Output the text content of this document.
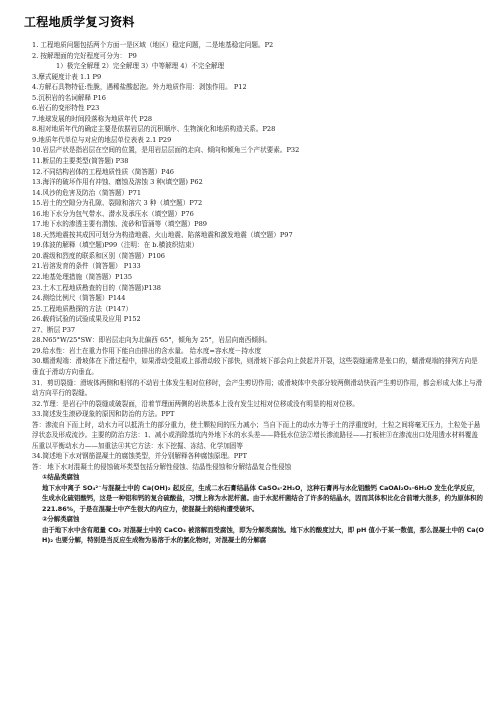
工程地质学复习资料
1. 工程地质问题包括两个方面一是区域（地区）稳定问题，二是地基稳定问题。P2
2. 按解理面的完好程度可分为： P9
1）极完全解理 2）完全解理 3）中等解理 4）不完全解理
3.摩式硬度计表 1.1 P9
4.方解石具物特征:性脆，遇稀盐酸起泡。外力地质作用：剥蚀作用。 P12
5.沉积岩的名词解释 P16
6.岩石的变形特性 P23
7.地球发展的时间段落称为地质年代 P28
8.相对地质年代的确定主要是依据岩层的沉积顺序、生物演化和地质构造关系。P28
9.地质年代单位与对应的地层单位表表 2.1 P29
10.岩层产状是指岩层在空间的位置，是用岩层层面的走向、倾向和倾角三个产状要素。P32
11.断层的主要类型(简答题) P38
12.不同结构岩体的工程地质性质（简答题）P46
13.海洋的破坏作用有冲蚀、磨蚀及溶蚀 3 种(填空题) P62
14.风沙的危害及防治（简答题）P71
15.岩土的空隙分为孔隙、裂隙和溶穴 3 种（填空题）P72
16.地下水分为包气带水、潜水及承压水（填空题）P76
17.地下水的渗透主要有潜蚀、流砂和管涌等（填空题）P89
18.天然地震按其成因可划分为构造地震、火山地震、陷落地震和激发地震（填空题）P97
19.体波的解释（填空题)P99（注明：在 b.横波织结束）
20.震级和烈度的联系和区别（简答题）P106
21.岩溶发育的条件（简答题） P133
22.地基处理措施（简答题）P135
23.土木工程地质勘查的目的（简答题)P138
24.测绘比例尺（简答题）P144
25.工程地质勘探的方法（P147）
26.载荷试验的试验成果及应用 P152
27、断层 P37
28.N65°W/25°SW：即岩层走向为北偏西 65°，倾角为 25°，岩层向南西倾斜。
29.给水性：岩土在重力作用下能自由排出的含水量。 给水度=容水度－持水度
30.蠕滑观端：滑坡体在下滑过程中，如果滑动受阻或上部滑动较下部快，则滑坡下部会向上鼓起并开裂，这些裂缝通常是张口的，蠕滑观端的排列方向是垂直于滑动方向垂直。
31．剪切裂缝：滑坡体两侧和相邻的不动岩土体发生相对位移时，会产生剪切作用；或滑坡体中央部分较两侧滑动快而产生剪切作用，都会形成大体上与滑动方向平行的裂缝。
32.节理：是岩石中的裂缝或破裂面，沿着节理面两侧的岩块基本上没有发生过相对位移或没有明显的相对位移。
33.简述发生滚砂现象的原因和防治的方法。PPT
答：渗流自下而上时，动水力可以抵消土的部分重力，使土颗粒间的压力减小；当自下而上的动水力等于土的浮重度时，土粒之间将毫无压力，土粒处于悬浮状态及形成流沙。主要的防治方法：1、减小或消除基坑内外地下水的水头差——降低水位法②增长渗流路径——打板桩③在渗流出口处用透水材料覆盖压重以平衡动水力——加重法④其它方法：水下挖掘、冻结、化学加固等
34.简述地下水对钢筋混凝土的腐蚀类型，并分别解释各种腐蚀原理。PPT
答： 地下水对混凝土的侵蚀破坏类型包括分解性侵蚀、结晶性侵蚀和分解结晶复合性侵蚀
①结晶类腐蚀
地下水中离子 SO₄²⁻与混凝土中的 Ca(OH)₂ 起反应，生成二水石膏结晶体 CaSO₄·2H₂O，这种石膏再与水化铝酸钙 CaOAl₂O₃·6H₂O 发生化学反应，生成水化硫铝酸钙，这是一种铝和钙的复合硫酸盐，习惯上称为水泥杆菌。由于水泥杆菌结合了许多的结晶水，因而其体积比化合前增大很多，约为原体积的 221.86%，于是在混凝土中产生很大的内应力，使混凝土的结构遭受破坏。
②分解类腐蚀
由于地下水中含有超量 CO₂ 对混凝土中的 CaCO₃ 被溶解而受腐蚀，即为分解类腐蚀。地下水的酸度过大，即 pH 值小于某一数值，那么混凝土中的 Ca(OH)₂ 也要分解，特别是当反应生成物为易溶于水的氯化物时，对混凝土的分解腐
